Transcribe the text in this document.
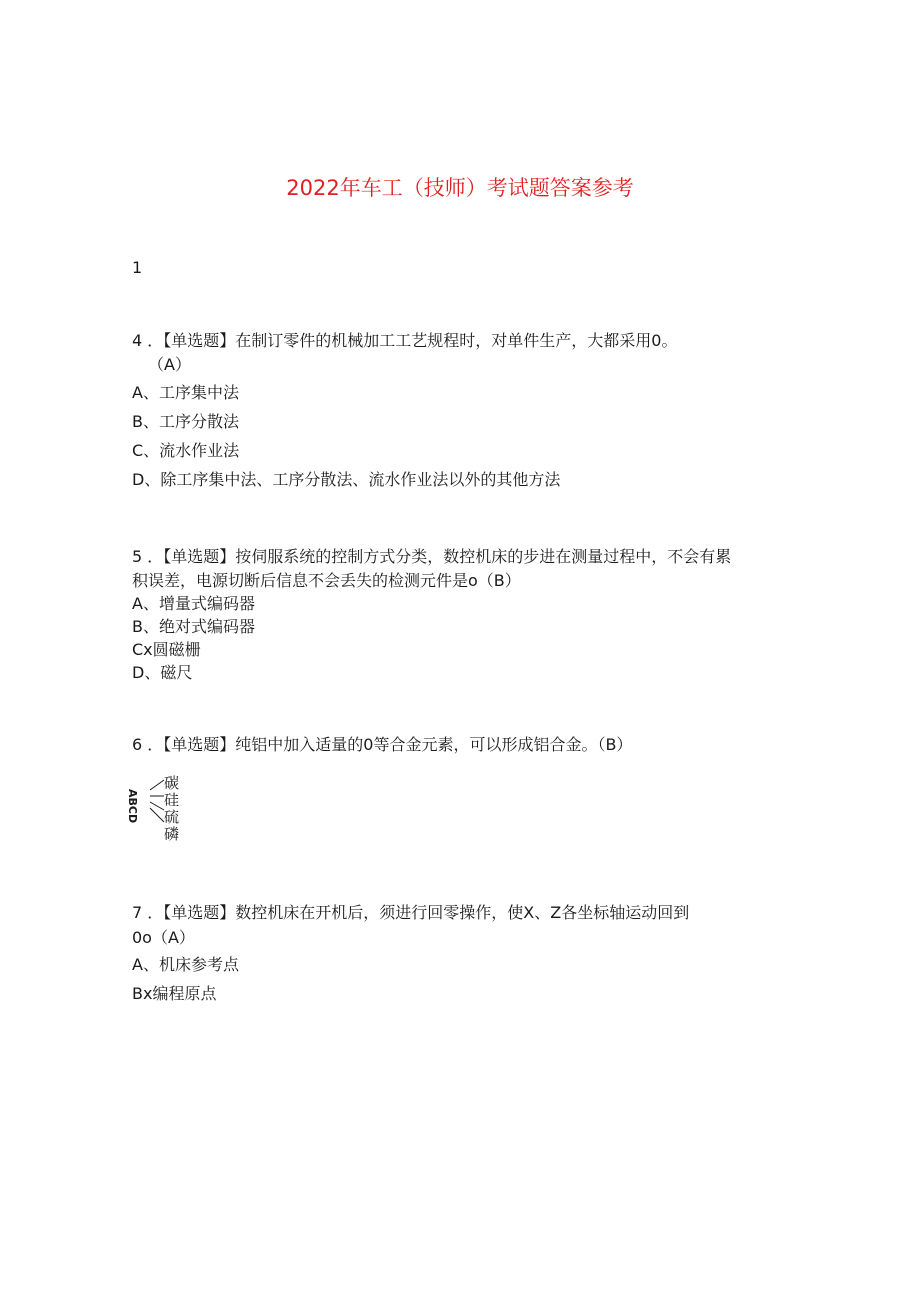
2022年车工（技师）考试题答案参考
1
4 ．【单选题】在制订零件的机械加工工艺规程时，对单件生产，大都采用0。
（A）
A、工序集中法
B、工序分散法
C、流水作业法
D、除工序集中法、工序分散法、流水作业法以外的其他方法
5 ．【单选题】按伺服系统的控制方式分类，数控机床的步进在测量过程中，不会有累
积误差，电源切断后信息不会丢失的检测元件是o（B）
A、增量式编码器
B、绝对式编码器
Cx圆磁栅
D、磁尺
6 ．【单选题】纯铝中加入适量的0等合金元素，可以形成铝合金。（B）
ABCD
碳
硅
硫
磷
7 ．【单选题】数控机床在开机后，须进行回零操作，使X、Z各坐标轴运动回到
0o（A）
A、机床参考点
Bx编程原点
